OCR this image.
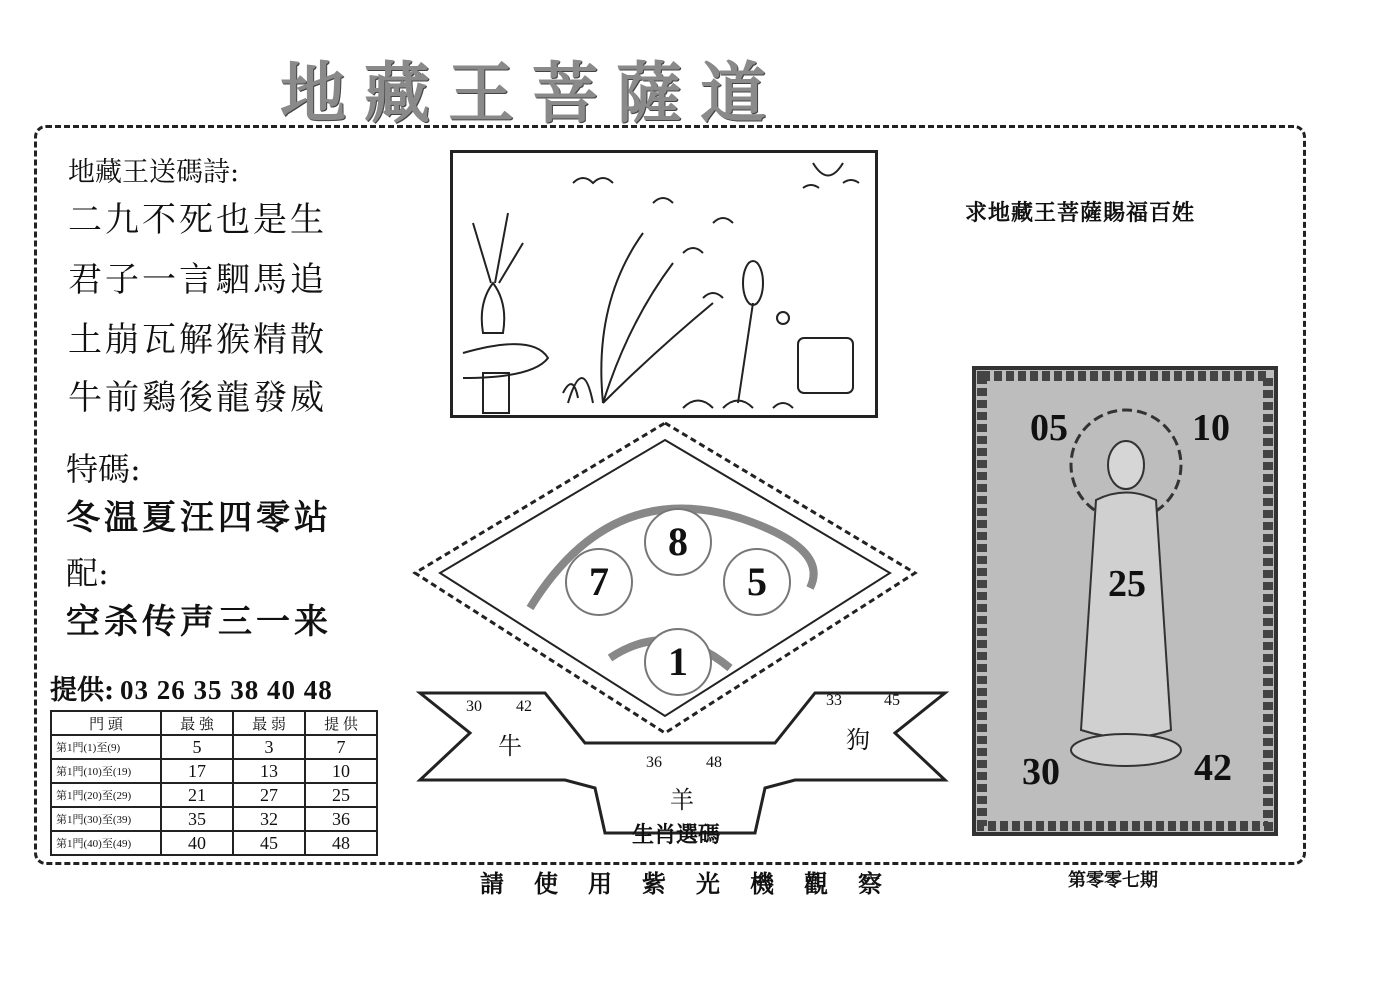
地藏王菩薩道
地藏王送碼詩:
二九不死也是生
君子一言駟馬追
土崩瓦解猴精散
牛前鷄後龍發威
特碼:
冬温夏汪四零站
配:
空杀传声三一来
提供: 03 26 35 38 40 48
門 頭	最 強	最 弱	提 供
第1門(1)至(9)	5	3	7
第1門(10)至(19)	17	13	10
第1門(20)至(29)	21	27	25
第1門(30)至(39)	35	32	36
第1門(40)至(49)	40	45	48
求地藏王菩薩賜福百姓
8
7	5
1
30 42
牛
33	45
狗
36	48
羊
生肖選碼
05	10
25
30	42
請使用紫光機觀察	第零零七期
